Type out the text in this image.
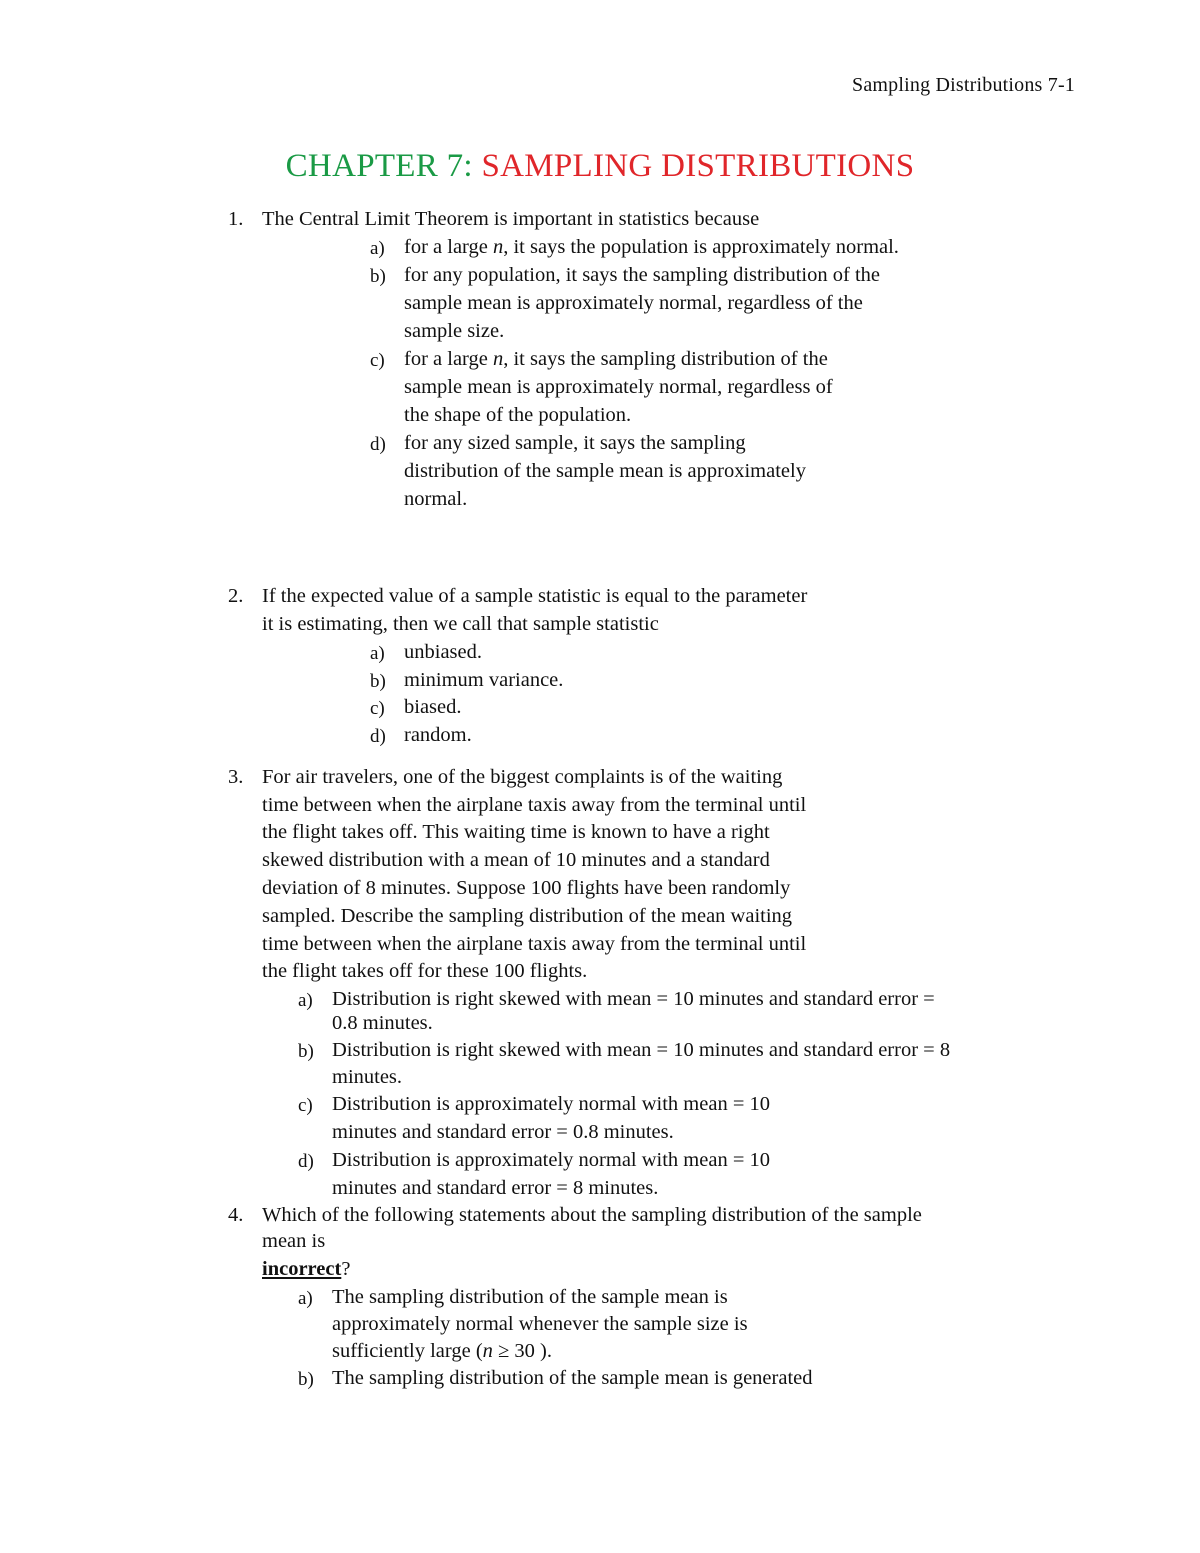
Sampling Distributions 7-1
CHAPTER 7: SAMPLING DISTRIBUTIONS
1. The Central Limit Theorem is important in statistics because
a) for a large n, it says the population is approximately normal.
b) for any population, it says the sampling distribution of the
sample mean is approximately normal, regardless of the
sample size.
c) for a large n, it says the sampling distribution of the
sample mean is approximately normal, regardless of
the shape of the population.
d) for any sized sample, it says the sampling
distribution of the sample mean is approximately
normal.
2. If the expected value of a sample statistic is equal to the parameter
it is estimating, then we call that sample statistic
a) unbiased.
b) minimum variance.
c) biased.
d) random.
3. For air travelers, one of the biggest complaints is of the waiting
time between when the airplane taxis away from the terminal until
the flight takes off. This waiting time is known to have a right
skewed distribution with a mean of 10 minutes and a standard
deviation of 8 minutes. Suppose 100 flights have been randomly
sampled. Describe the sampling distribution of the mean waiting
time between when the airplane taxis away from the terminal until
the flight takes off for these 100 flights.
a) Distribution is right skewed with mean = 10 minutes and standard error =
0.8 minutes.
b) Distribution is right skewed with mean = 10 minutes and standard error = 8
minutes.
c) Distribution is approximately normal with mean = 10
minutes and standard error = 0.8 minutes.
d) Distribution is approximately normal with mean = 10
minutes and standard error = 8 minutes.
4. Which of the following statements about the sampling distribution of the sample
mean is
incorrect?
a) The sampling distribution of the sample mean is
approximately normal whenever the sample size is
sufficiently large (n ≥ 30 ).
b) The sampling distribution of the sample mean is generated
